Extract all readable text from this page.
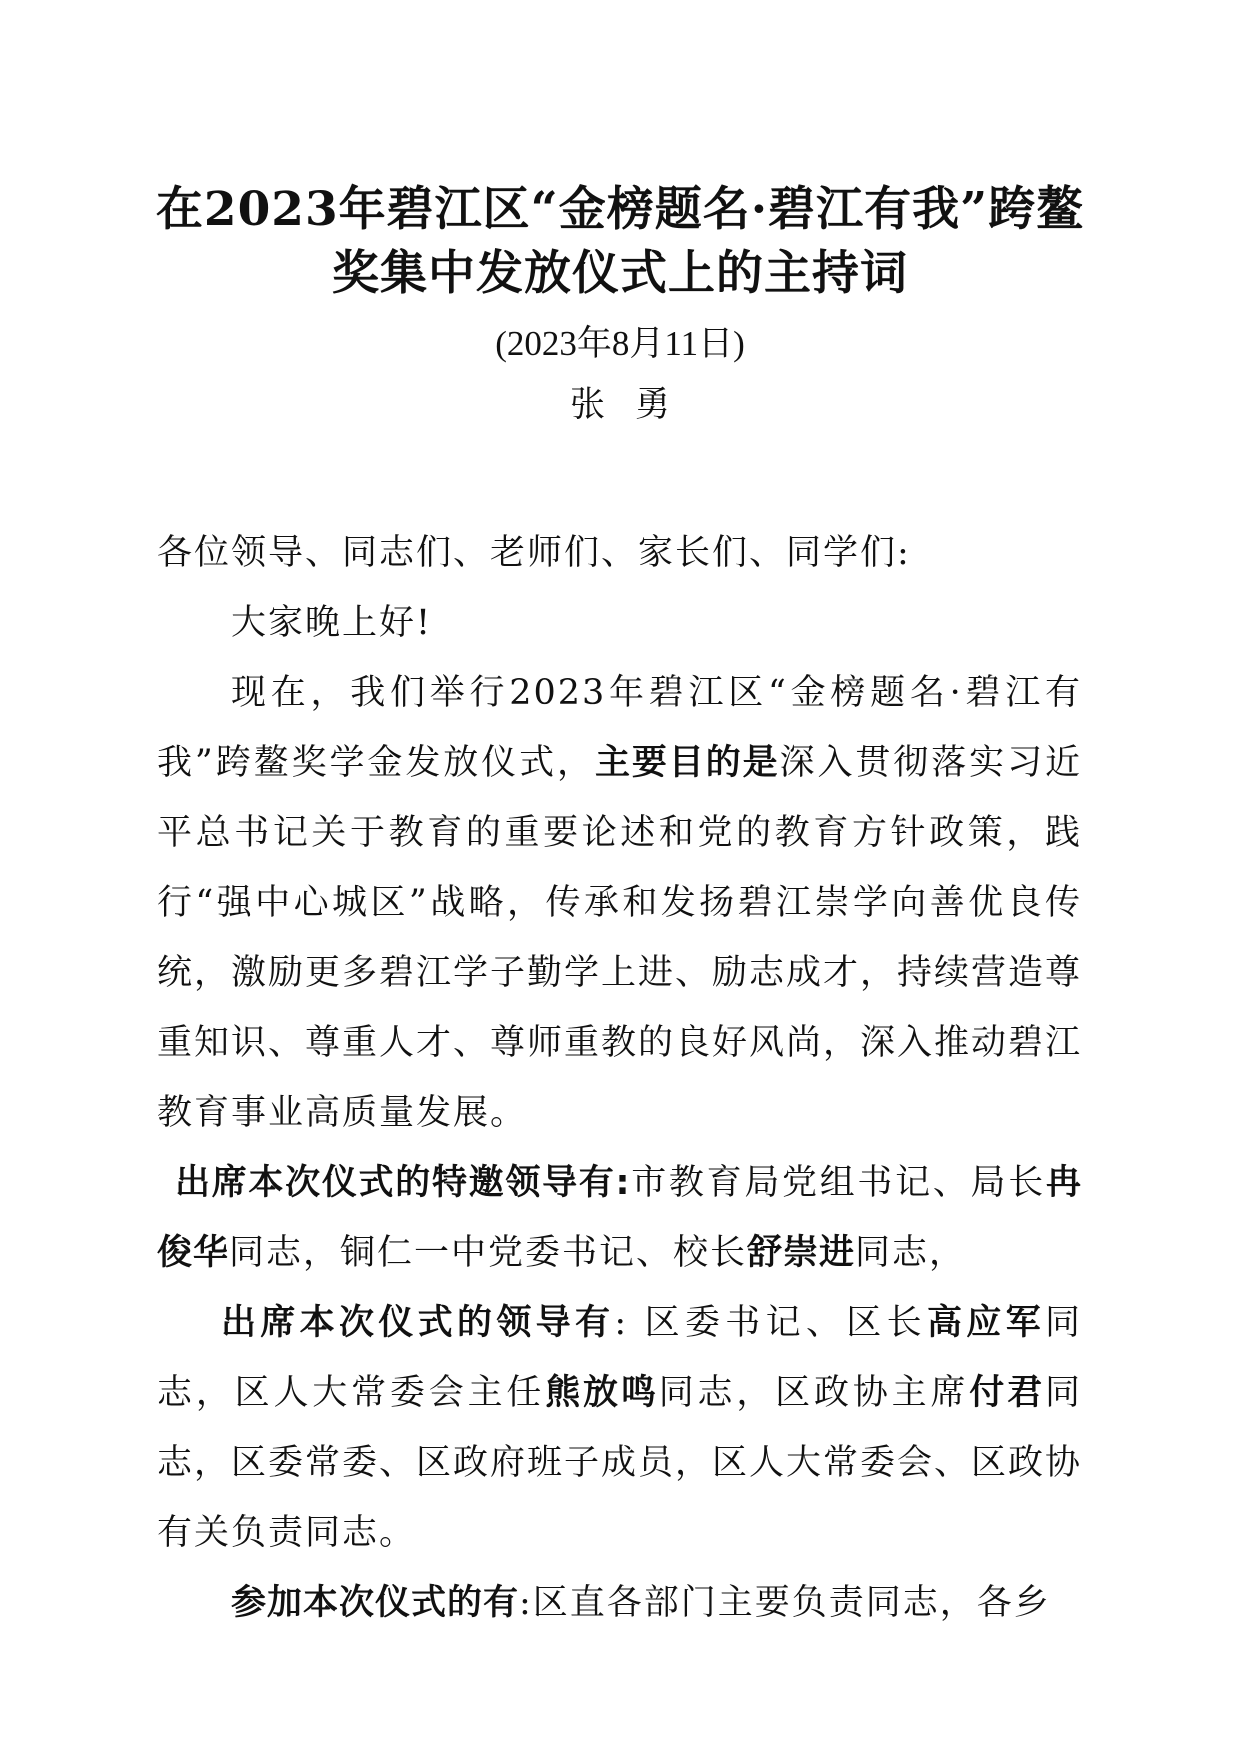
在2023年碧江区“金榜题名·碧江有我”跨鳌
奖集中发放仪式上的主持词
(2023年8月11日)
张勇

各位领导、同志们、老师们、家长们、同学们:

大家晚上好!

现在，我们举行2023年碧江区“金榜题名·碧江有我”跨鳌奖学金发放仪式，主要目的是深入贯彻落实习近平总书记关于教育的重要论述和党的教育方针政策，践行“强中心城区”战略，传承和发扬碧江崇学向善优良传统，激励更多碧江学子勤学上进、励志成才，持续营造尊重知识、尊重人才、尊师重教的良好风尚，深入推动碧江教育事业高质量发展。

出席本次仪式的特邀领导有:市教育局党组书记、局长冉俊华同志，铜仁一中党委书记、校长舒崇进同志，

出席本次仪式的领导有: 区委书记、区长高应军同志，区人大常委会主任熊放鸣同志，区政协主席付君同志，区委常委、区政府班子成员，区人大常委会、区政协有关负责同志。

参加本次仪式的有:区直各部门主要负责同志，各乡
